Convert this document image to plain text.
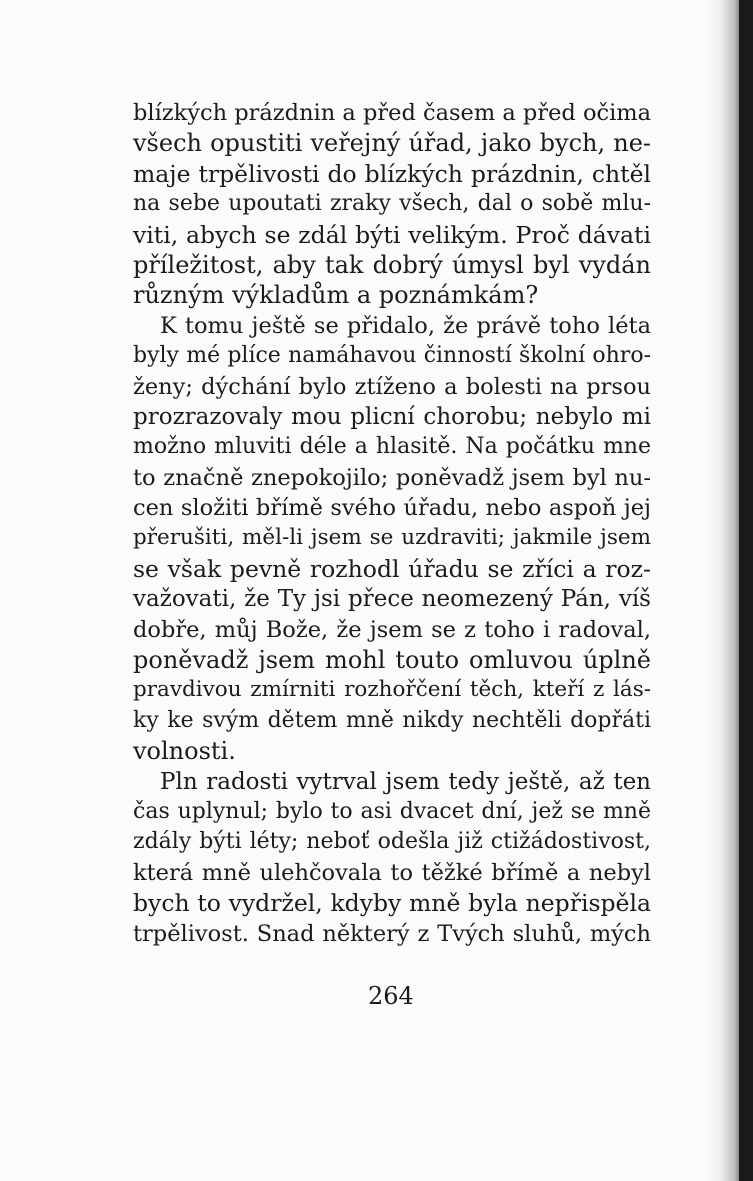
blízkých prázdnin a před časem a před očima
všech opustiti veřejný úřad, jako bych, ne-
maje trpělivosti do blízkých prázdnin, chtěl
na sebe upoutati zraky všech, dal o sobě mlu-
viti, abych se zdál býti velikým. Proč dávati
příležitost, aby tak dobrý úmysl byl vydán
různým výkladům a poznámkám?
K tomu ještě se přidalo, že právě toho léta
byly mé plíce namáhavou činností školní ohro-
ženy; dýchání bylo ztíženo a bolesti na prsou
prozrazovaly mou plicní chorobu; nebylo mi
možno mluviti déle a hlasitě. Na počátku mne
to značně znepokojilo; poněvadž jsem byl nu-
cen složiti břímě svého úřadu, nebo aspoň jej
přerušiti, měl-li jsem se uzdraviti; jakmile jsem
se však pevně rozhodl úřadu se zříci a roz-
važovati, že Ty jsi přece neomezený Pán, víš
dobře, můj Bože, že jsem se z toho i radoval,
poněvadž jsem mohl touto omluvou úplně
pravdivou zmírniti rozhořčení těch, kteří z lás-
ky ke svým dětem mně nikdy nechtěli dopřáti
volnosti.
Pln radosti vytrval jsem tedy ještě, až ten
čas uplynul; bylo to asi dvacet dní, jež se mně
zdály býti léty; neboť odešla již ctižádostivost,
která mně ulehčovala to těžké břímě a nebyl
bych to vydržel, kdyby mně byla nepřispěla
trpělivost. Snad některý z Tvých sluhů, mých
264
